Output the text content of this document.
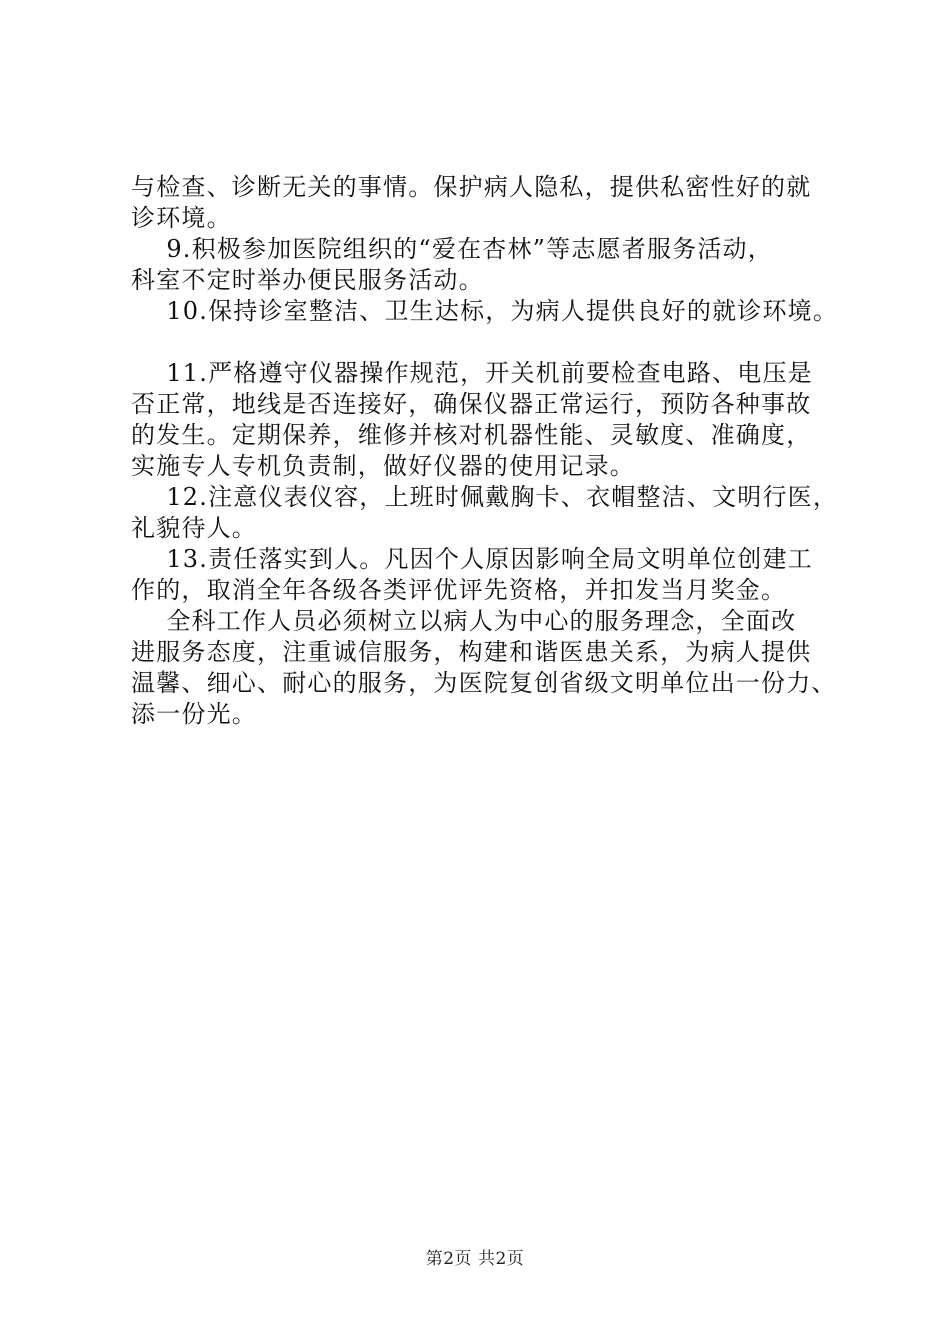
与检查、诊断无关的事情。保护病人隐私，提供私密性好的就
诊环境。
9.积极参加医院组织的“爱在杏林”等志愿者服务活动，
科室不定时举办便民服务活动。
10.保持诊室整洁、卫生达标，为病人提供良好的就诊环境。
11.严格遵守仪器操作规范，开关机前要检查电路、电压是
否正常，地线是否连接好，确保仪器正常运行，预防各种事故
的发生。定期保养，维修并核对机器性能、灵敏度、准确度，
实施专人专机负责制，做好仪器的使用记录。
12.注意仪表仪容，上班时佩戴胸卡、衣帽整洁、文明行医，
礼貌待人。
13.责任落实到人。凡因个人原因影响全局文明单位创建工
作的，取消全年各级各类评优评先资格，并扣发当月奖金。
全科工作人员必须树立以病人为中心的服务理念，全面改
进服务态度，注重诚信服务，构建和谐医患关系，为病人提供
温馨、细心、耐心的服务，为医院复创省级文明单位出一份力、
添一份光。
第2页 共2页
